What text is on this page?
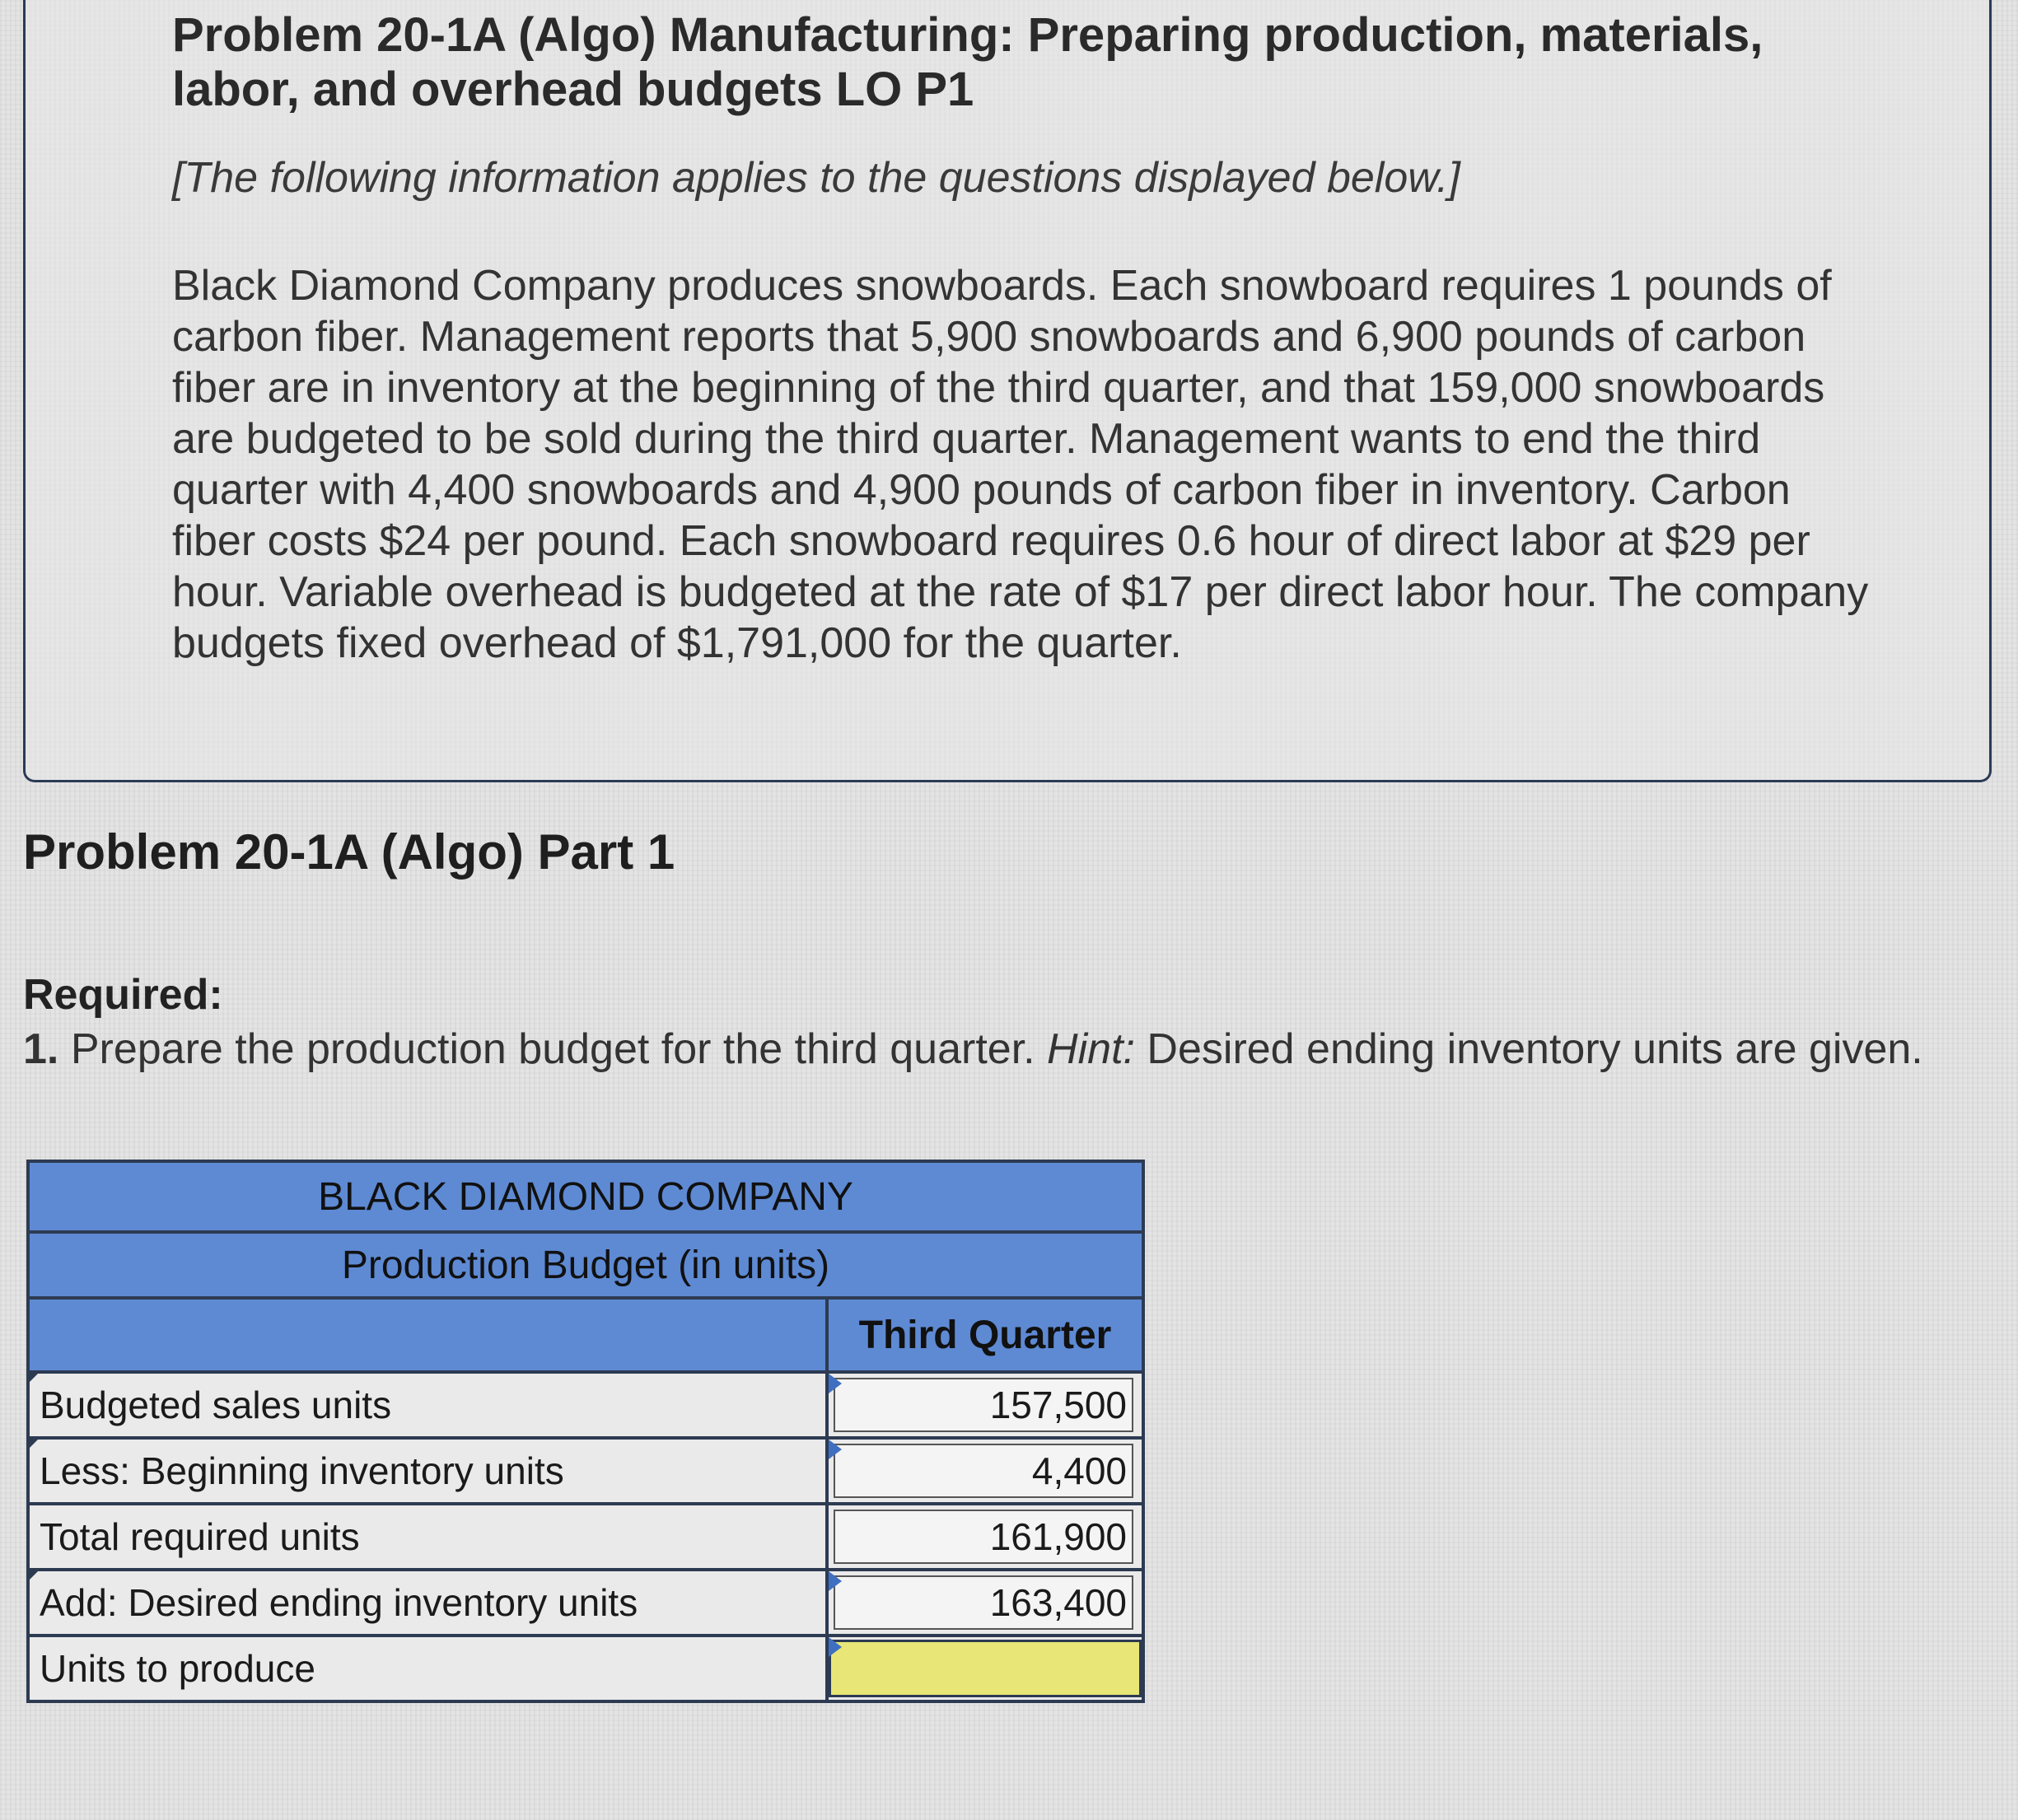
Problem 20-1A (Algo) Manufacturing: Preparing production, materials, labor, and overhead budgets LO P1

[The following information applies to the questions displayed below.]

Black Diamond Company produces snowboards. Each snowboard requires 1 pounds of carbon fiber. Management reports that 5,900 snowboards and 6,900 pounds of carbon fiber are in inventory at the beginning of the third quarter, and that 159,000 snowboards are budgeted to be sold during the third quarter. Management wants to end the third quarter with 4,400 snowboards and 4,900 pounds of carbon fiber in inventory. Carbon fiber costs $24 per pound. Each snowboard requires 0.6 hour of direct labor at $29 per hour. Variable overhead is budgeted at the rate of $17 per direct labor hour. The company budgets fixed overhead of $1,791,000 for the quarter.

Problem 20-1A (Algo) Part 1

Required:

1. Prepare the production budget for the third quarter. Hint: Desired ending inventory units are given.

BLACK DIAMOND COMPANY	
Production Budget (in units)	
	Third Quarter

Budgeted sales units	157,500

Less: Beginning inventory units	4,400

Total required units	161,900

Add: Desired ending inventory units	163,400

Units to produce	
